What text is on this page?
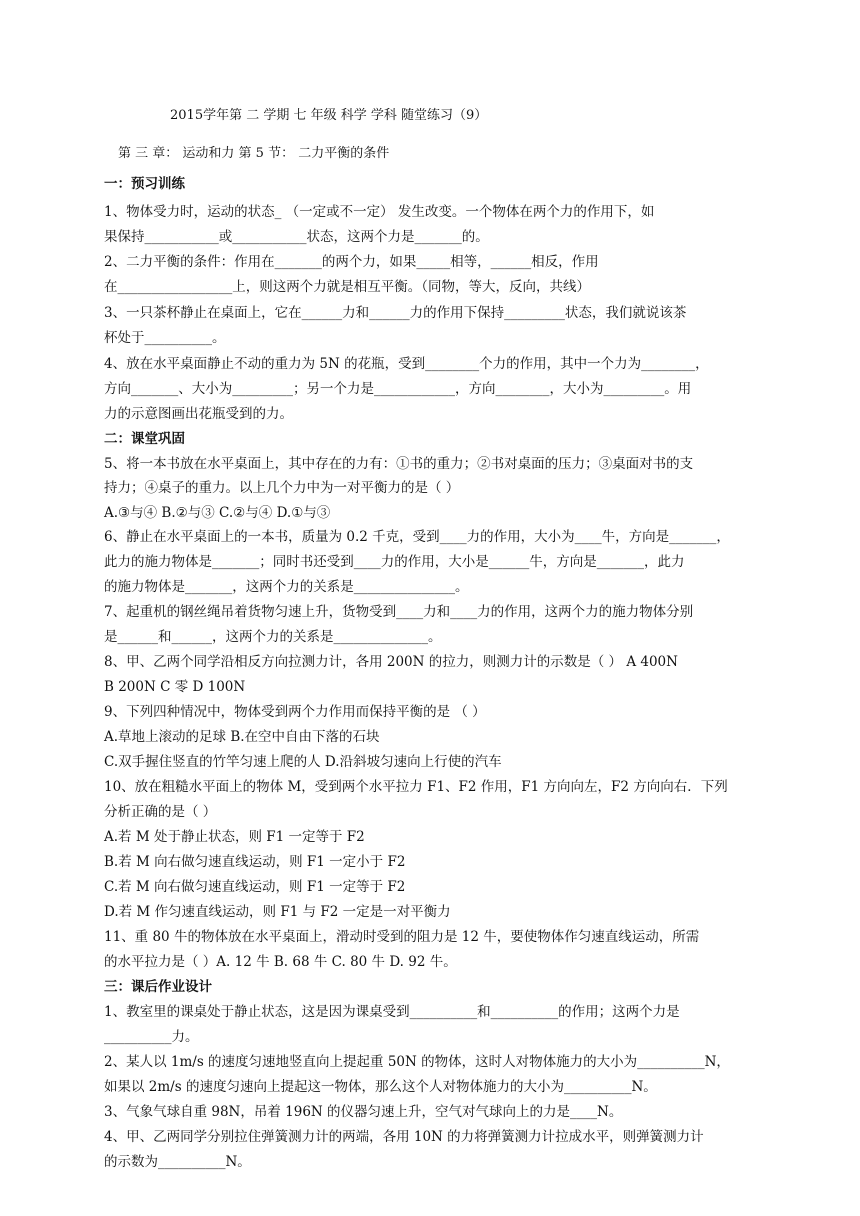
2015学年第 二 学期 七 年级 科学 学科 随堂练习（9）
第 三 章： 运动和力 第 5 节： 二力平衡的条件
一：预习训练
1、物体受力时，运动的状态_ （一定或不一定） 发生改变。一个物体在两个力的作用下，如
果保持___________或___________状态，这两个力是_______的。
2、二力平衡的条件：作用在_______的两个力，如果_____相等，______相反，作用
在_________________上，则这两个力就是相互平衡。（同物，等大，反向，共线）
3、一只茶杯静止在桌面上，它在______力和______力的作用下保持_________状态，我们就说该茶
杯处于__________。
4、放在水平桌面静止不动的重力为 5N 的花瓶，受到________个力的作用，其中一个力为________，
方向_______、大小为_________；另一个力是____________，方向________，大小为_________。用
力的示意图画出花瓶受到的力。
二：课堂巩固
5、将一本书放在水平桌面上，其中存在的力有：①书的重力；②书对桌面的压力；③桌面对书的支
持力；④桌子的重力。以上几个力中为一对平衡力的是（ ）
A.③与④ B.②与③ C.②与④ D.①与③
6、静止在水平桌面上的一本书，质量为 0.2 千克，受到____力的作用，大小为____牛，方向是_______，
此力的施力物体是_______；同时书还受到____力的作用，大小是______牛，方向是_______，此力
的施力物体是_______，这两个力的关系是_______________。
7、起重机的钢丝绳吊着货物匀速上升，货物受到____力和____力的作用，这两个力的施力物体分别
是______和______，这两个力的关系是______________。
8、甲、乙两个同学沿相反方向拉测力计，各用 200N 的拉力，则测力计的示数是（ ） A 400N
B 200N C 零 D 100N
9、下列四种情况中，物体受到两个力作用而保持平衡的是 （ ）
A.草地上滚动的足球 B.在空中自由下落的石块
C.双手握住竖直的竹竿匀速上爬的人 D.沿斜坡匀速向上行使的汽车
10、放在粗糙水平面上的物体 M，受到两个水平拉力 F1、F2 作用，F1 方向向左，F2 方向向右．下列
分析正确的是（ ）
A.若 M 处于静止状态，则 F1 一定等于 F2
B.若 M 向右做匀速直线运动，则 F1 一定小于 F2
C.若 M 向右做匀速直线运动，则 F1 一定等于 F2
D.若 M 作匀速直线运动，则 F1 与 F2 一定是一对平衡力
11、重 80 牛的物体放在水平桌面上，滑动时受到的阻力是 12 牛，要使物体作匀速直线运动，所需
的水平拉力是（ ）A. 12 牛 B. 68 牛 C. 80 牛 D. 92 牛。
三：课后作业设计
1、教室里的课桌处于静止状态，这是因为课桌受到__________和__________的作用；这两个力是
__________力。
2、某人以 1m/s 的速度匀速地竖直向上提起重 50N 的物体，这时人对物体施力的大小为__________N，
如果以 2m/s 的速度匀速向上提起这一物体，那么这个人对物体施力的大小为__________N。
3、气象气球自重 98N，吊着 196N 的仪器匀速上升，空气对气球向上的力是____N。
4、甲、乙两同学分别拉住弹簧测力计的两端，各用 10N 的力将弹簧测力计拉成水平，则弹簧测力计
的示数为__________N。
